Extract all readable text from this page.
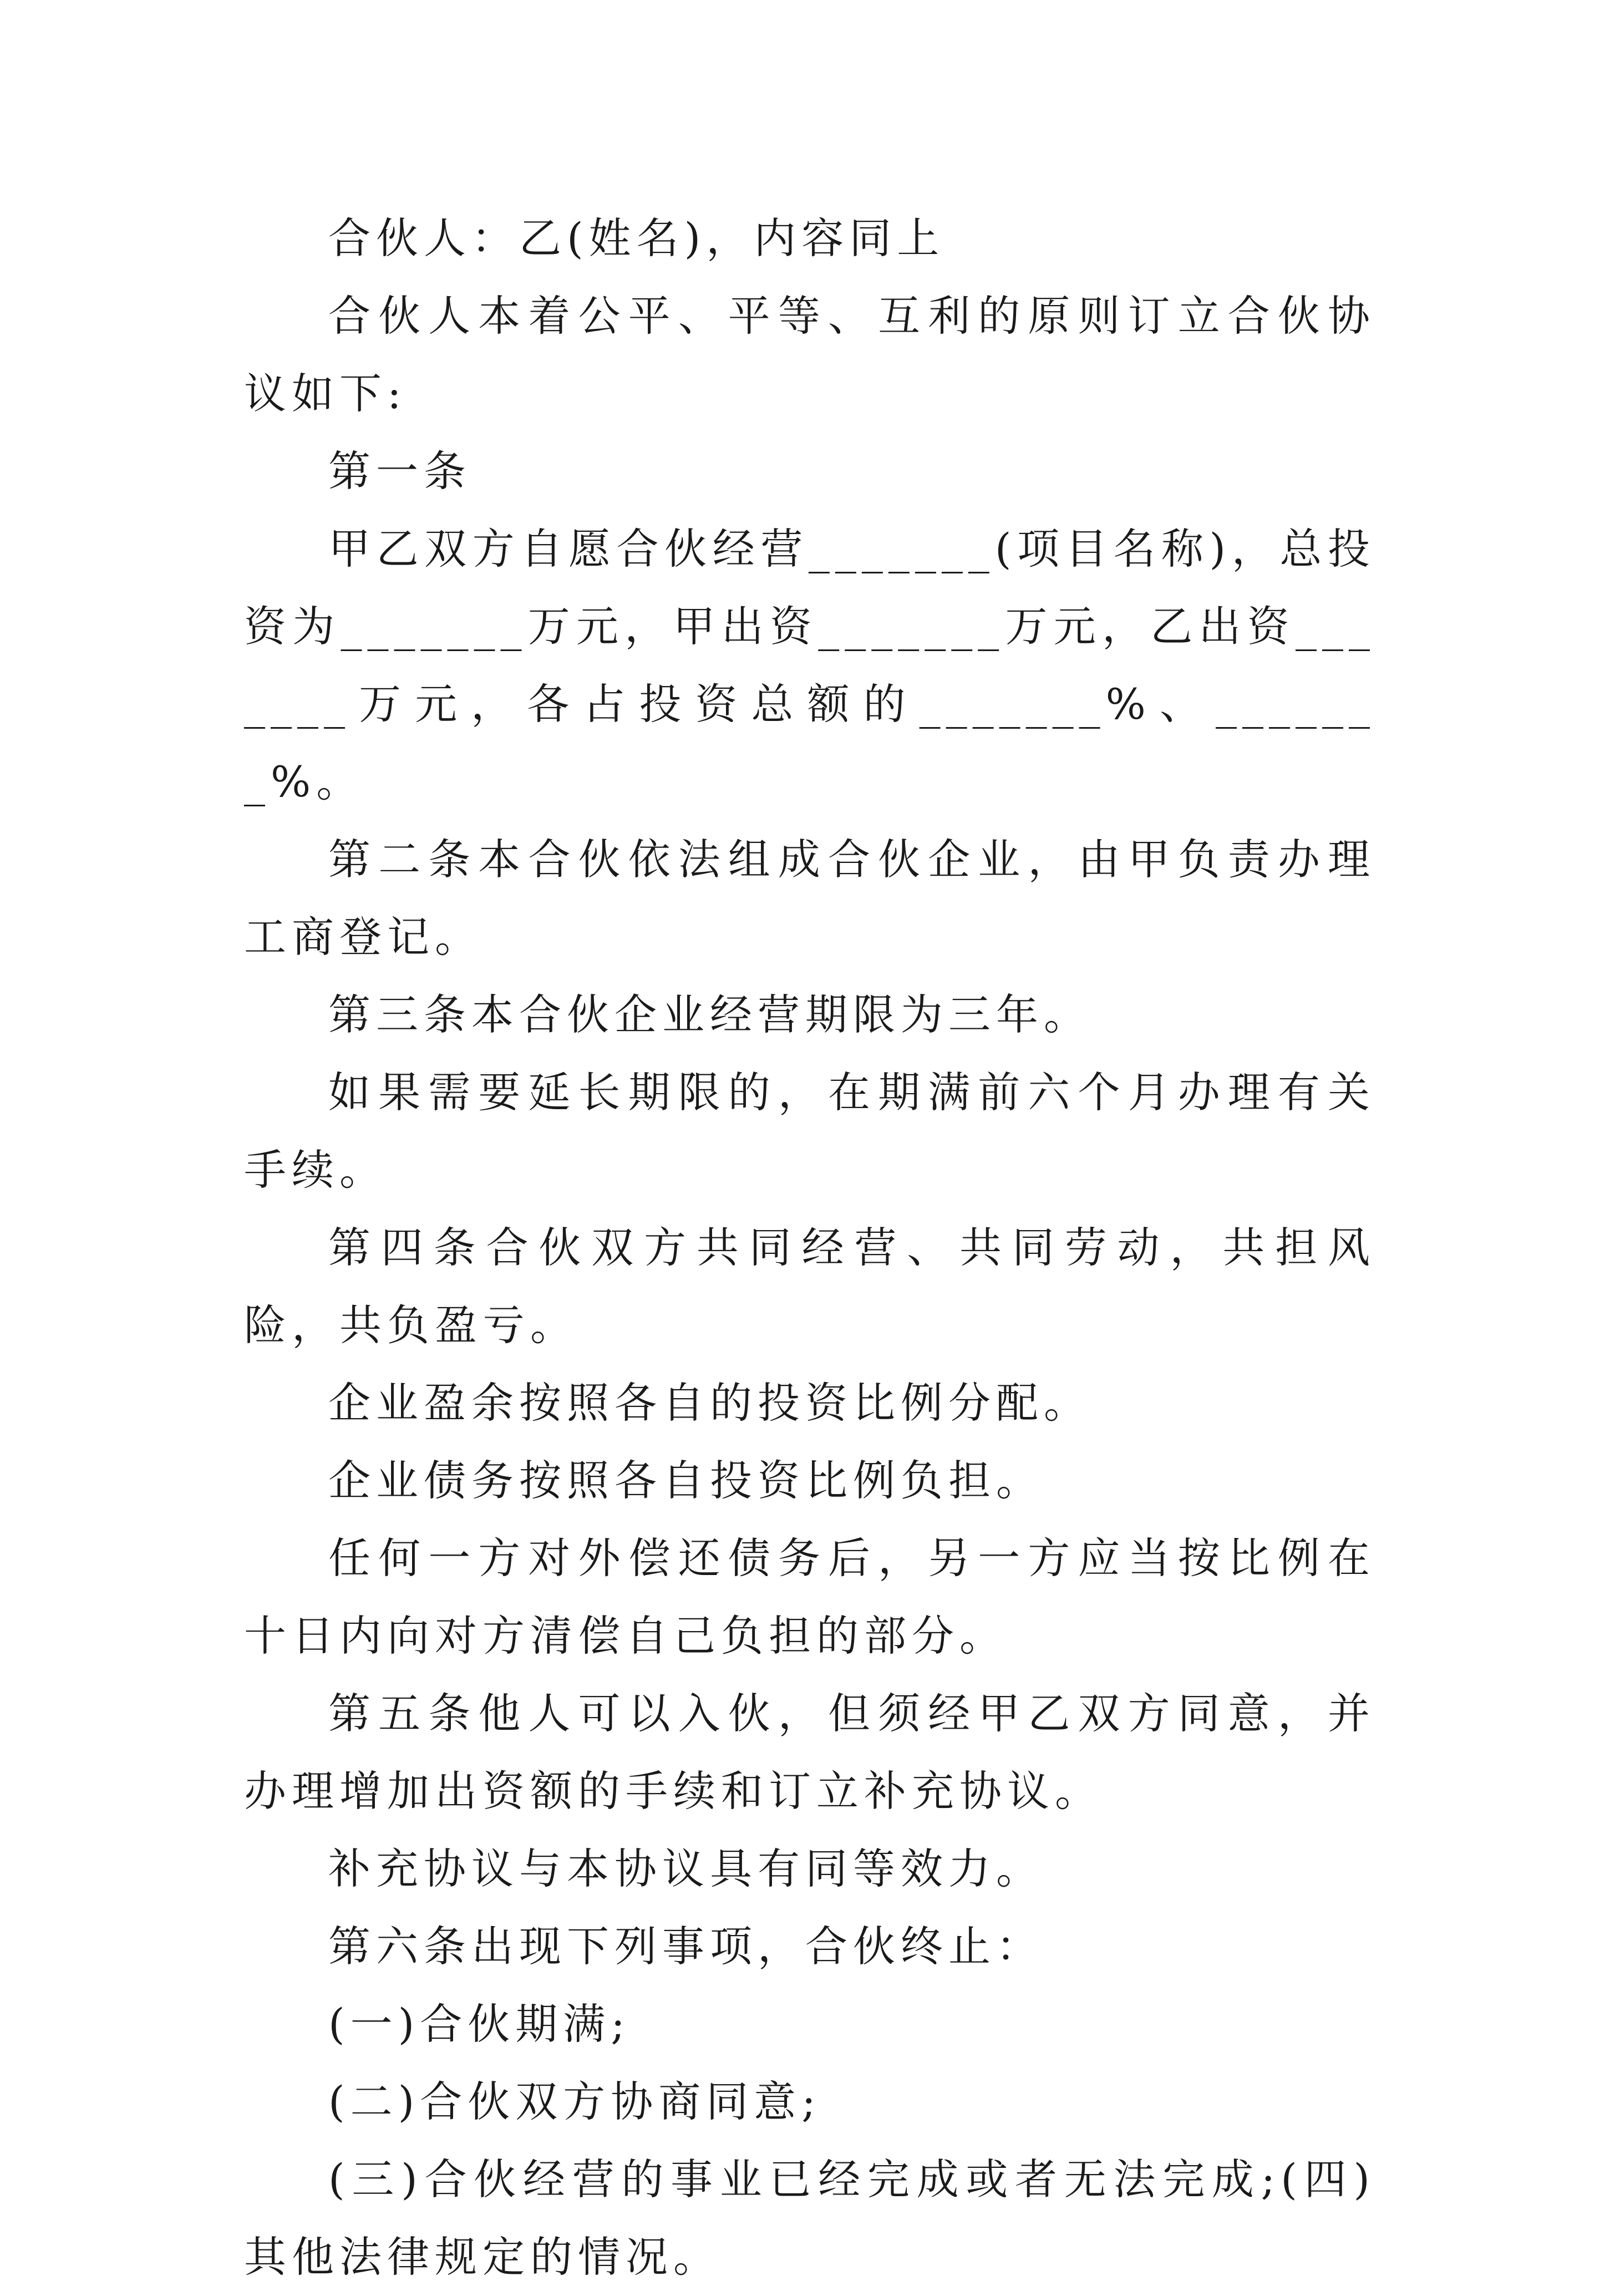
合伙人：乙(姓名)，内容同上

合伙人本着公平、平等、互利的原则订立合伙协议如下:

第一条

甲乙双方自愿合伙经营_______(项目名称)，总投资为_______万元，甲出资_______万元，乙出资_______万元，各占投资总额的_______%、_______%。

第二条本合伙依法组成合伙企业，由甲负责办理工商登记。

第三条本合伙企业经营期限为三年。

如果需要延长期限的，在期满前六个月办理有关手续。

第四条合伙双方共同经营、共同劳动，共担风险，共负盈亏。

企业盈余按照各自的投资比例分配。

企业债务按照各自投资比例负担。

任何一方对外偿还债务后，另一方应当按比例在十日内向对方清偿自己负担的部分。

第五条他人可以入伙，但须经甲乙双方同意，并办理增加出资额的手续和订立补充协议。

补充协议与本协议具有同等效力。

第六条出现下列事项，合伙终止：

(一)合伙期满;

(二)合伙双方协商同意;

(三)合伙经营的事业已经完成或者无法完成;(四)其他法律规定的情况。
